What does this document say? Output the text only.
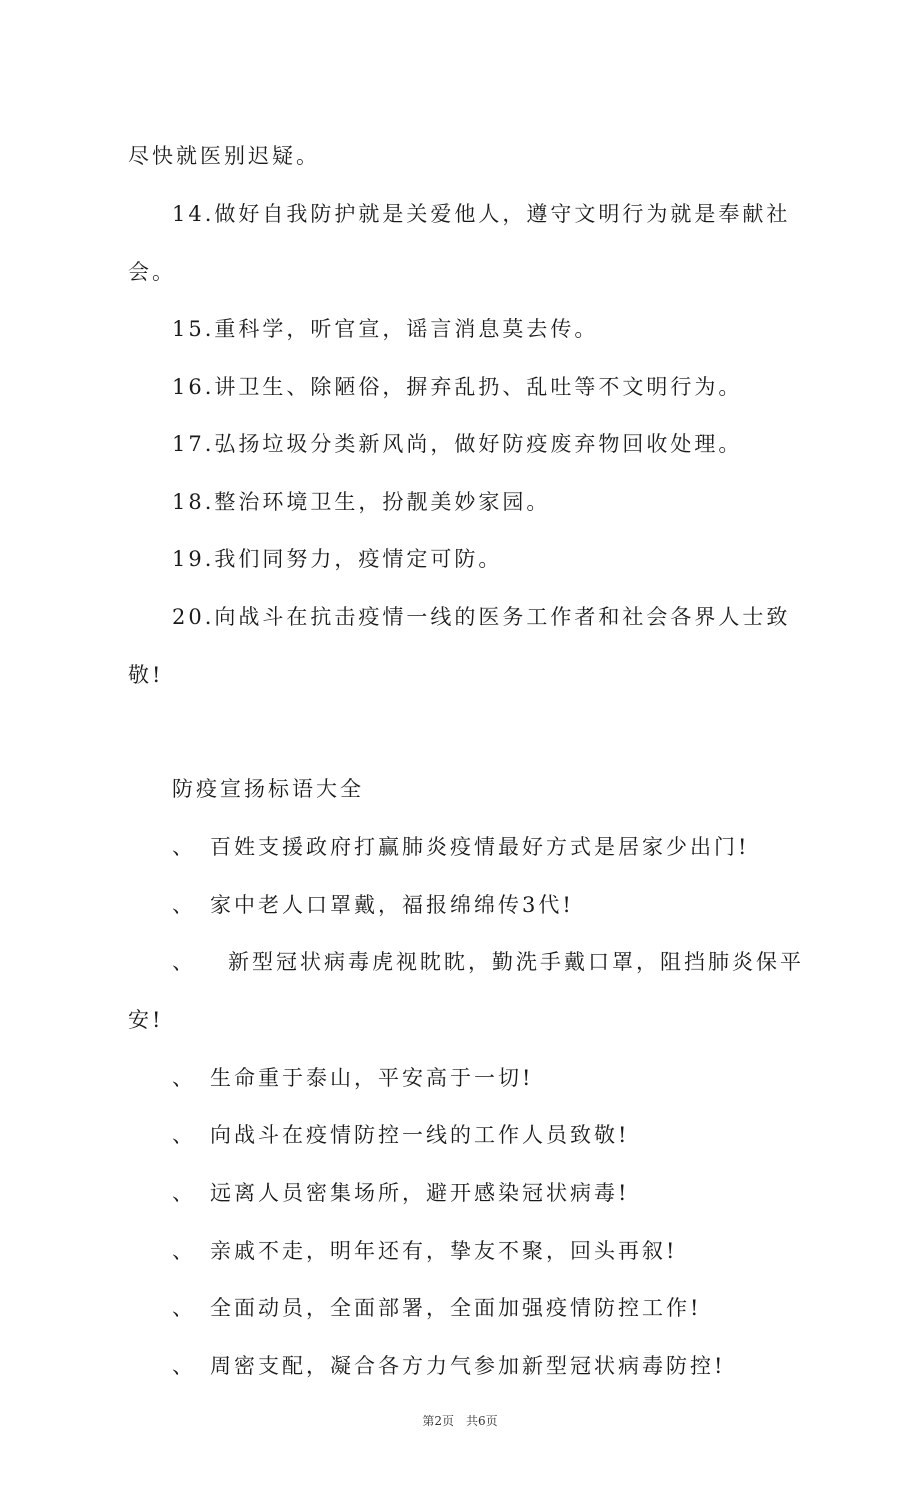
尽快就医别迟疑。
14.做好自我防护就是关爱他人，遵守文明行为就是奉献社
会。
15.重科学，听官宣，谣言消息莫去传。
16.讲卫生、除陋俗，摒弃乱扔、乱吐等不文明行为。
17.弘扬垃圾分类新风尚，做好防疫废弃物回收处理。
18.整治环境卫生，扮靓美妙家园。
19.我们同努力，疫情定可防。
20.向战斗在抗击疫情一线的医务工作者和社会各界人士致
敬!
防疫宣扬标语大全
、 百姓支援政府打赢肺炎疫情最好方式是居家少出门!
、 家中老人口罩戴，福报绵绵传3代!
、 新型冠状病毒虎视眈眈，勤洗手戴口罩，阻挡肺炎保平
安!
、 生命重于泰山，平安高于一切!
、 向战斗在疫情防控一线的工作人员致敬!
、 远离人员密集场所，避开感染冠状病毒!
、 亲戚不走，明年还有，挚友不聚，回头再叙!
、 全面动员，全面部署，全面加强疫情防控工作!
、 周密支配，凝合各方力气参加新型冠状病毒防控!
第2页 共6页
